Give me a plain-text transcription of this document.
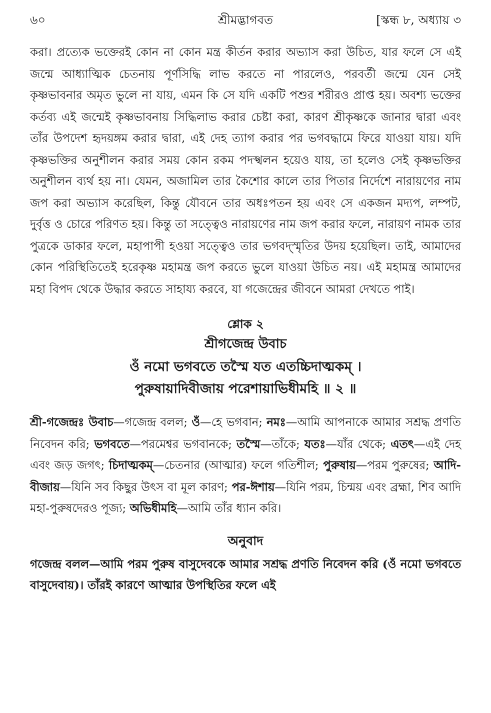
৬০	শ্রীমদ্ভাগবত	[স্কন্ধ ৮, অধ্যায় ৩

করা। প্রত্যেক ভক্তেরই কোন না কোন মন্ত্র কীর্তন করার অভ্যাস করা উচিত, যার ফলে সে এই জন্মে আধ্যাত্মিক চেতনায় পূর্ণসিদ্ধি লাভ করতে না পারলেও, পরবর্তী জন্মে যেন সেই কৃষ্ণভাবনার অমৃত ভুলে না যায়, এমন কি সে যদি একটি পশুর শরীরও প্রাপ্ত হয়। অবশ্য ভক্তের কর্তব্য এই জন্মেই কৃষ্ণভাবনায় সিদ্ধিলাভ করার চেষ্টা করা, কারণ শ্রীকৃষ্ণকে জানার দ্বারা এবং তাঁর উপদেশ হৃদয়ঙ্গম করার দ্বারা, এই দেহ ত্যাগ করার পর ভগবদ্ধামে ফিরে যাওয়া যায়। যদি কৃষ্ণভক্তির অনুশীলন করার সময় কোন রকম পদস্খলন হয়েও যায়, তা হলেও সেই কৃষ্ণভক্তির অনুশীলন ব্যর্থ হয় না। যেমন, অজামিল তার কৈশোর কালে তার পিতার নির্দেশে নারায়ণের নাম জপ করা অভ্যাস করেছিল, কিন্তু যৌবনে তার অধঃপতন হয় এবং সে একজন মদ্যপ, লম্পট, দুর্বৃত্ত ও চোরে পরিণত হয়। কিন্তু তা সত্ত্বেও নারায়ণের নাম জপ করার ফলে, নারায়ণ নামক তার পুত্রকে ডাকার ফলে, মহাপাপী হওয়া সত্ত্বেও তার ভগবদ্স্মৃতির উদয় হয়েছিল। তাই, আমাদের কোন পরিস্থিতিতেই হরেকৃষ্ণ মহামন্ত্র জপ করতে ভুলে যাওয়া উচিত নয়। এই মহামন্ত্র আমাদের মহা বিপদ থেকে উদ্ধার করতে সাহায্য করবে, যা গজেন্দ্রের জীবনে আমরা দেখতে পাই।

শ্লোক ২
শ্রীগজেন্দ্র উবাচ
ওঁ নমো ভগবতে তস্মৈ যত এতচ্চিদাত্মকম্ ।
পুরুষায়াদিবীজায় পরেশায়াভিধীমহি ॥ ২ ॥
শ্রী-গজেন্দ্রঃ উবাচ—গজেন্দ্র বলল; ওঁ—হে ভগবান; নমঃ—আমি আপনাকে আমার সশ্রদ্ধ প্রণতি নিবেদন করি; ভগবতে—পরমেশ্বর ভগবানকে; তস্মৈ—তাঁকে; যতঃ—যাঁর থেকে; এতৎ—এই দেহ এবং জড় জগৎ; চিদাত্মকম্—চেতনার (আত্মার) ফলে গতিশীল; পুরুষায়—পরম পুরুষের; আদি-বীজায়—যিনি সব কিছুর উৎস বা মূল কারণ; পর-ঈশায়—যিনি পরম, চিন্ময় এবং ব্রহ্মা, শিব আদি মহা-পুরুষদেরও পূজ্য; অভিধীমহি—আমি তাঁর ধ্যান করি।
অনুবাদ
গজেন্দ্র বলল—আমি পরম পুরুষ বাসুদেবকে আমার সশ্রদ্ধ প্রণতি নিবেদন করি (ওঁ নমো ভগবতে বাসুদেবায়)। তাঁরই কারণে আত্মার উপস্থিতির ফলে এই
